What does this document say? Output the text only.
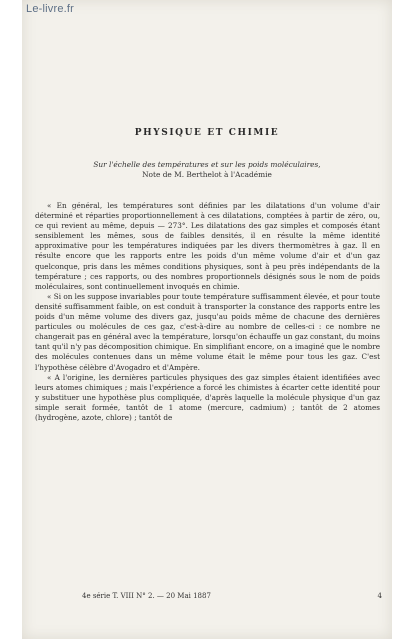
Le-livre.fr
PHYSIQUE ET CHIMIE
Sur l'échelle des températures et sur les poids moléculaires,
Note de M. Berthelot à l'Académie

« En général, les températures sont définies par les dilatations d'un volume d'air déterminé et réparties proportionnellement à ces dilatations, comptées à partir de zéro, ou, ce qui revient au même, depuis — 273°. Les dilatations des gaz simples et composés étant sensiblement les mêmes, sous de faibles densités, il en résulte la même identité approximative pour les températures indiquées par les divers thermomètres à gaz. Il en résulte encore que les rapports entre les poids d'un même volume d'air et d'un gaz quelconque, pris dans les mêmes conditions physiques, sont à peu près indépendants de la température ; ces rapports, ou des nombres proportionnels désignés sous le nom de poids moléculaires, sont continuellement invoqués en chimie.

« Si on les suppose invariables pour toute température suffisamment élevée, et pour toute densité suffisamment faible, on est conduit à transporter la constance des rapports entre les poids d'un même volume des divers gaz, jusqu'au poids même de chacune des dernières particules ou molécules de ces gaz, c'est-à-dire au nombre de celles-ci : ce nombre ne changerait pas en général avec la température, lorsqu'on échauffe un gaz constant, du moins tant qu'il n'y pas décomposition chimique. En simplifiant encore, on a imaginé que le nombre des molécules contenues dans un même volume était le même pour tous les gaz. C'est l'hypothèse célèbre d'Avogadro et d'Ampère.

« A l'origine, les dernières particules physiques des gaz simples étaient identifiées avec leurs atomes chimiques ; mais l'expérience a forcé les chimistes à écarter cette identité pour y substituer une hypothèse plus compliquée, d'après laquelle la molécule physique d'un gaz simple serait formée, tantôt de 1 atome (mercure, cadmium) ; tantôt de 2 atomes (hydrogène, azote, chlore) ; tantôt de

4e série T. VIII N° 2. — 20 Mai 1887	4
